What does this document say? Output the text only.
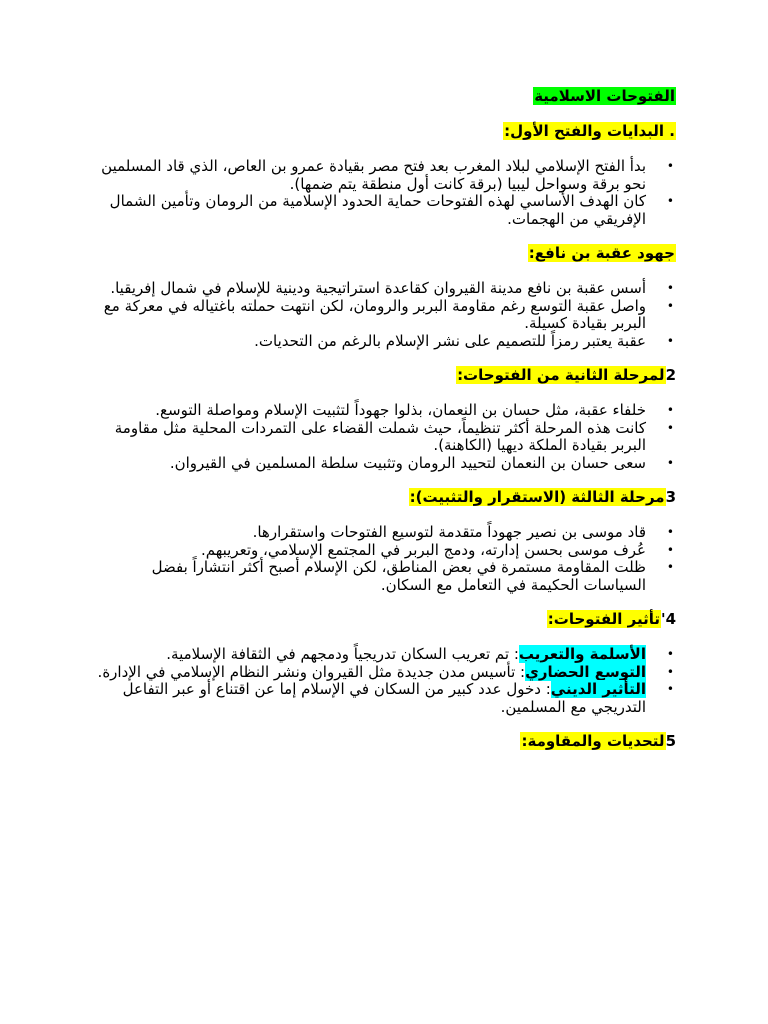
الفتوحات الاسلامية
. البدايات والفتح الأول:
• بدأ الفتح الإسلامي لبلاد المغرب بعد فتح مصر بقيادة عمرو بن العاص، الذي قاد المسلمين نحو برقة وسواحل ليبيا (برقة كانت أول منطقة يتم ضمها).
• كان الهدف الأساسي لهذه الفتوحات حماية الحدود الإسلامية من الرومان وتأمين الشمال الإفريقي من الهجمات.
جهود عقبة بن نافع:
• أسس عقبة بن نافع مدينة القيروان كقاعدة استراتيجية ودينية للإسلام في شمال إفريقيا.
• واصل عقبة التوسع رغم مقاومة البربر والرومان، لكن انتهت حملته باغتياله في معركة مع البربر بقيادة كسيلة.
• عقبة يعتبر رمزاً للتصميم على نشر الإسلام بالرغم من التحديات.
2لمرحلة الثانية من الفتوحات:
• خلفاء عقبة، مثل حسان بن النعمان، بذلوا جهوداً لتثبيت الإسلام ومواصلة التوسع.
• كانت هذه المرحلة أكثر تنظيماً، حيث شملت القضاء على التمردات المحلية مثل مقاومة البربر بقيادة الملكة ديهيا (الكاهنة).
• سعى حسان بن النعمان لتحييد الرومان وتثبيت سلطة المسلمين في القيروان.
3مرحلة الثالثة (الاستقرار والتثبيت):
• قاد موسى بن نصير جهوداً متقدمة لتوسيع الفتوحات واستقرارها.
• عُرف موسى بحسن إدارته، ودمج البربر في المجتمع الإسلامي، وتعريبهم.
• ظلت المقاومة مستمرة في بعض المناطق، لكن الإسلام أصبح أكثر انتشاراً بفضل السياسات الحكيمة في التعامل مع السكان.
4'تأثير الفتوحات:
• الأسلمة والتعريب: تم تعريب السكان تدريجياً ودمجهم في الثقافة الإسلامية.
• التوسع الحضاري: تأسيس مدن جديدة مثل القيروان ونشر النظام الإسلامي في الإدارة.
• التأثير الديني: دخول عدد كبير من السكان في الإسلام إما عن اقتناع أو عبر التفاعل التدريجي مع المسلمين.
5لتحديات والمقاومة:
